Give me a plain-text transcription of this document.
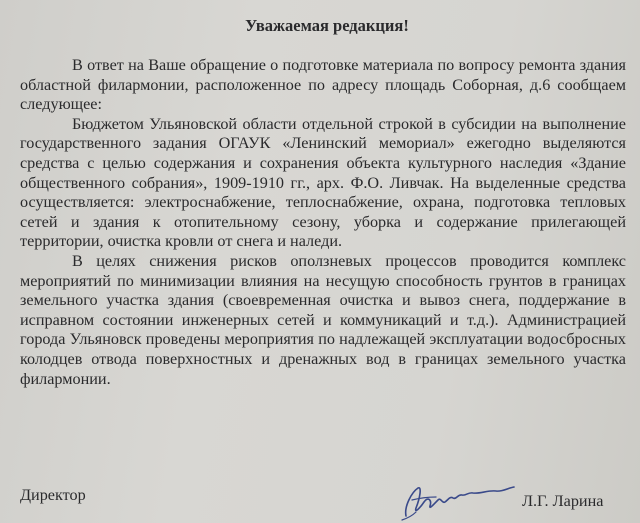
Уважаемая редакция!

В ответ на Ваше обращение о подготовке материала по вопросу ремонта здания областной филармонии, расположенное по адресу площадь Соборная, д.6 сообщаем следующее:

Бюджетом Ульяновской области отдельной строкой в субсидии на выполнение государственного задания ОГАУК «Ленинский мемориал» ежегодно выделяются средства с целью содержания и сохранения объекта культурного наследия «Здание общественного собрания», 1909-1910 гг., арх. Ф.О. Ливчак. На выделенные средства осуществляется: электроснабжение, теплоснабжение, охрана, подготовка тепловых сетей и здания к отопительному сезону, уборка и содержание прилегающей территории, очистка кровли от снега и наледи.

В целях снижения рисков оползневых процессов проводится комплекс мероприятий по минимизации влияния на несущую способность грунтов в границах земельного участка здания (своевременная очистка и вывоз снега, поддержание в исправном состоянии инженерных сетей и коммуникаций и т.д.). Администрацией города Ульяновск проведены мероприятия по надлежащей эксплуатации водосбросных колодцев отвода поверхностных и дренажных вод в границах земельного участка филармонии.

Директор	Л.Г. Ларина
